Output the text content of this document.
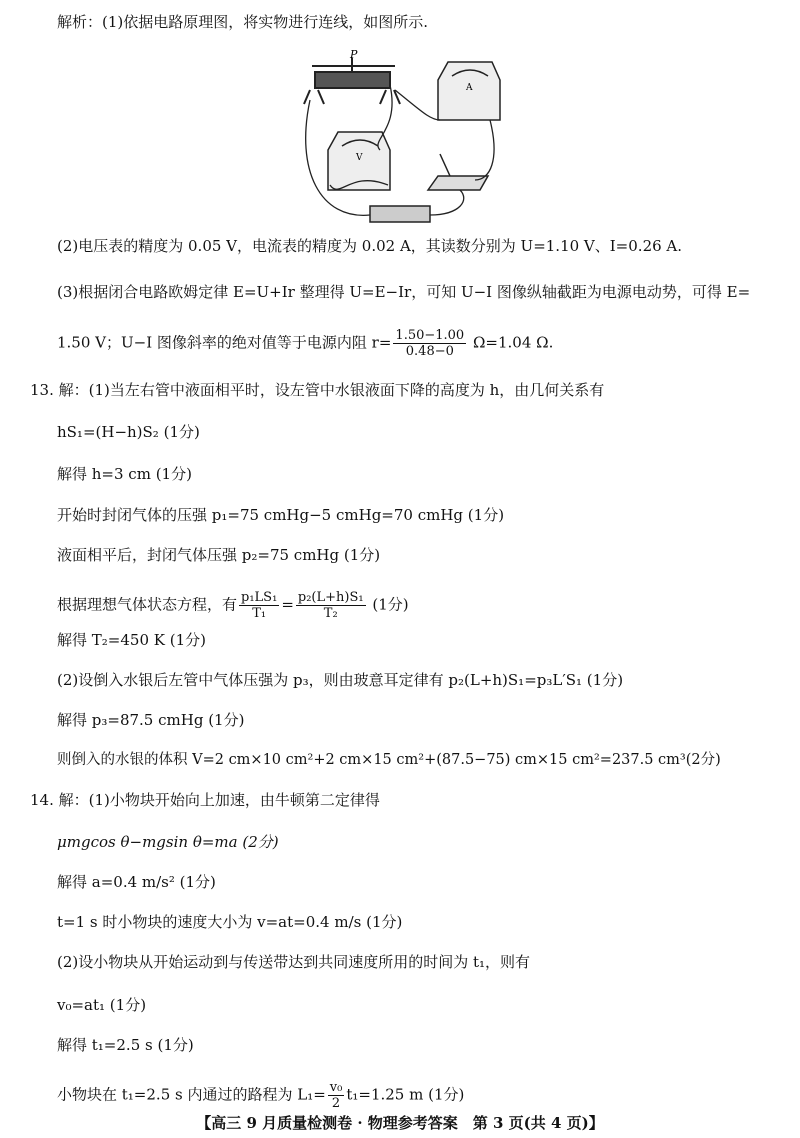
解析：(1)依据电路原理图，将实物进行连线，如图所示.
P
A
V
(2)电压表的精度为 0.05 V，电流表的精度为 0.02 A，其读数分别为 U=1.10 V、I=0.26 A.
(3)根据闭合电路欧姆定律 E=U+Ir 整理得 U=E−Ir，可知 U−I 图像纵轴截距为电源电动势，可得 E=
1.50 V；U−I 图像斜率的绝对值等于电源内阻 $r= \frac{1.50-1.00}{0.48-0} \Omega=1.04$ Ω.
13. 解：(1)当左右管中液面相平时，设左管中水银液面下降的高度为 h，由几何关系有
hS₁=(H−h)S₂ (1分)
解得 h=3 cm (1分)
开始时封闭气体的压强 p₁=75 cmHg−5 cmHg=70 cmHg (1分)
液面相平后，封闭气体压强 p₂=75 cmHg (1分)
根据理想气体状态方程，有 $\frac{\text{p₁LS₁}}{\text{T₁}} = \frac{\text{p₂(L+h)S₁}}{\text{T₂}} (1$分)
解得 T₂=450 K (1分)
(2)设倒入水银后左管中气体压强为 p₃，则由玻意耳定律有 p₂(L+h)S₁=p₃L′S₁ (1分)
解得 p₃=87.5 cmHg (1分)
则倒入的水银的体积 V=2 cm×10 cm²+2 cm×15 cm²+(87.5−75) cm×15 cm²=237.5 cm³(2分)
14. 解：(1)小物块开始向上加速，由牛顿第二定律得
μmgcos θ−mgsin θ=ma (2分)
解得 a=0.4 m/s² (1分)
t=1 s 时小物块的速度大小为 v=at=0.4 m/s (1分)
(2)设小物块从开始运动到与传送带达到共同速度所用的时间为 t₁，则有
v₀=at₁ (1分)
解得 t₁=2.5 s (1分)
小物块在 t₁=2.5 s 内通过的路程为 $L_1= \frac{\text{v₀}}{2} t_1=1.25$ m (1分)
【高三 9 月质量检测卷 · 物理参考答案　第 3 页(共 4 页)】
